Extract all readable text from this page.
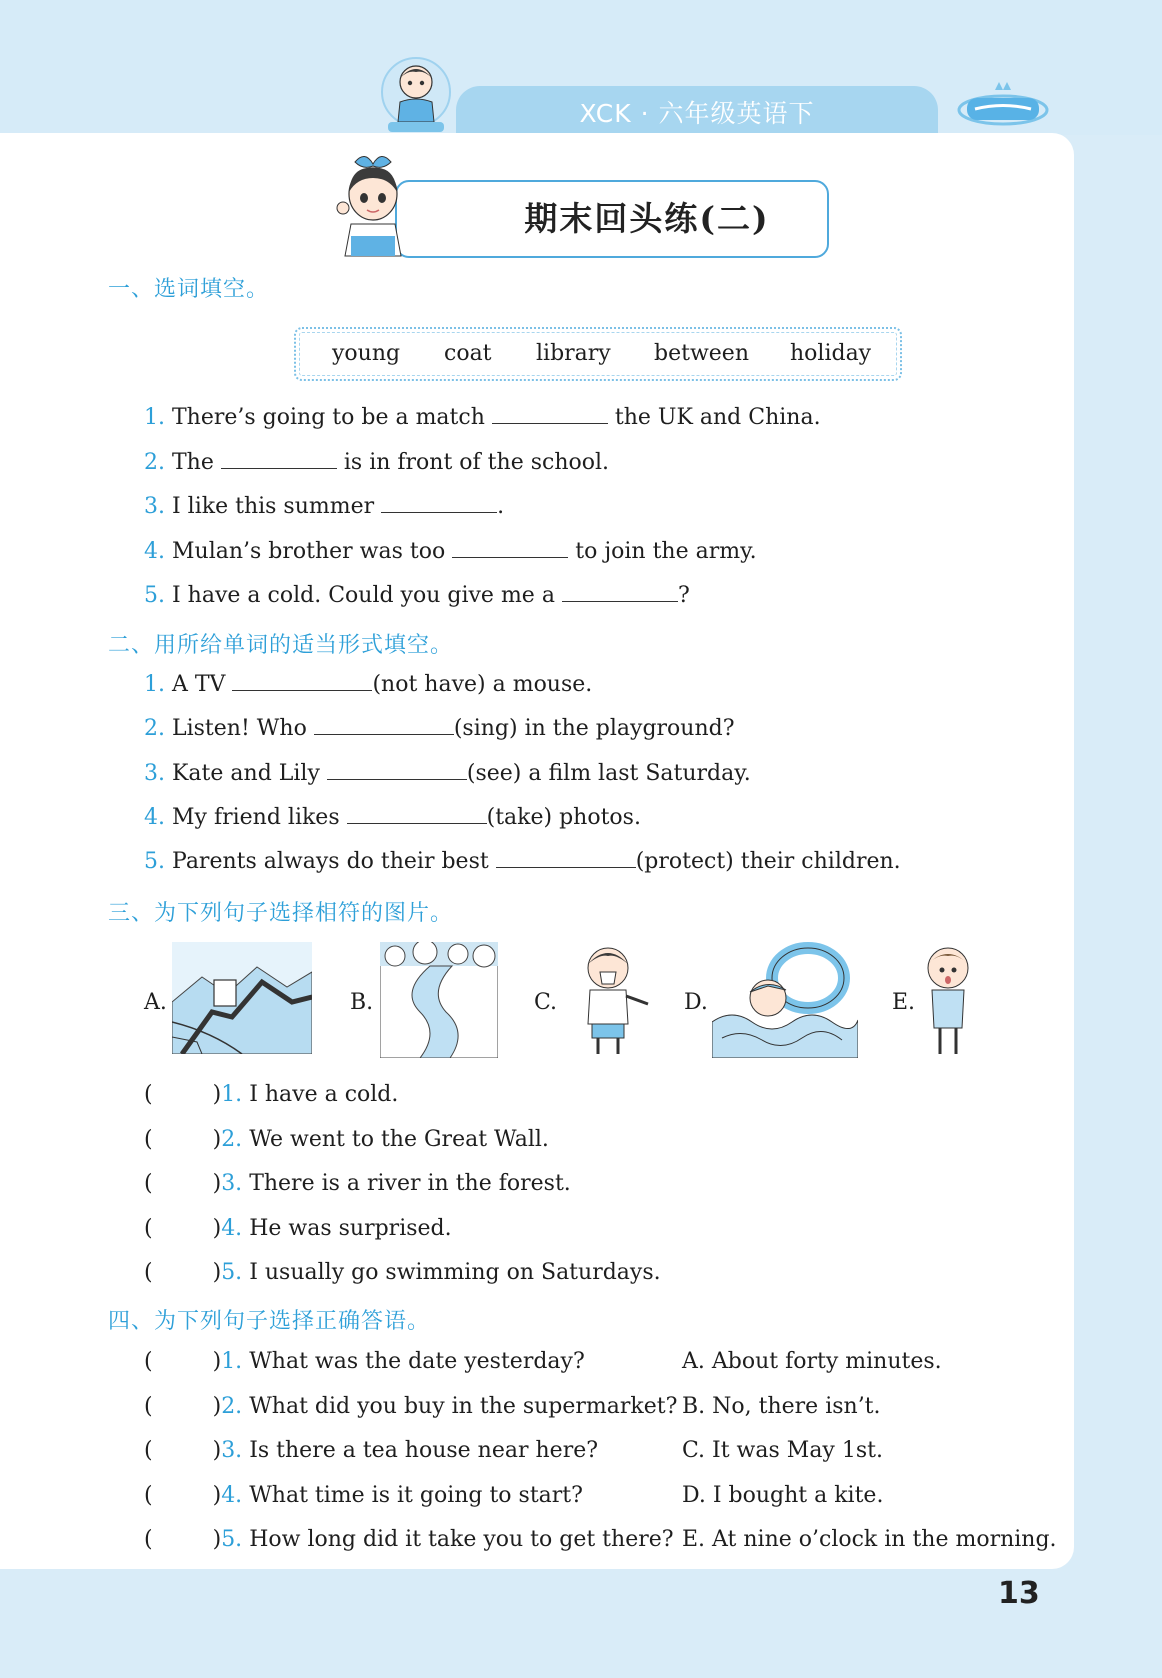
XCK · 六年级英语下
期末回头练(二)
一、选词填空。
young coat library between holiday
1. There’s going to be a match	the UK and China.
2. The	is in front of the school.
3. I like this summer	.
4. Mulan’s brother was too	to join the army.
5. I have a cold. Could you give me a	?
二、用所给单词的适当形式填空。
1. A TV	(not have) a mouse.
2. Listen! Who	(sing) in the playground?
3. Kate and Lily	(see) a film last Saturday.
4. My friend likes	(take) photos.
5. Parents always do their best	(protect) their children.
三、为下列句子选择相符的图片。
A.	B.	C.	D.	E.
(	)1. I have a cold.
(	)2. We went to the Great Wall.
(	)3. There is a river in the forest.
(	)4. He was surprised.
(	)5. I usually go swimming on Saturdays.
四、为下列句子选择正确答语。
(	)1. What was the date yesterday?	A. About forty minutes.
(	)2. What did you buy in the supermarket? B. No, there isn’t.
(	)3. Is there a tea house near here?	C. It was May 1st.
(	)4. What time is it going to start?	D. I bought a kite.
(	)5. How long did it take you to get there? E. At nine o’clock in the morning.
13
